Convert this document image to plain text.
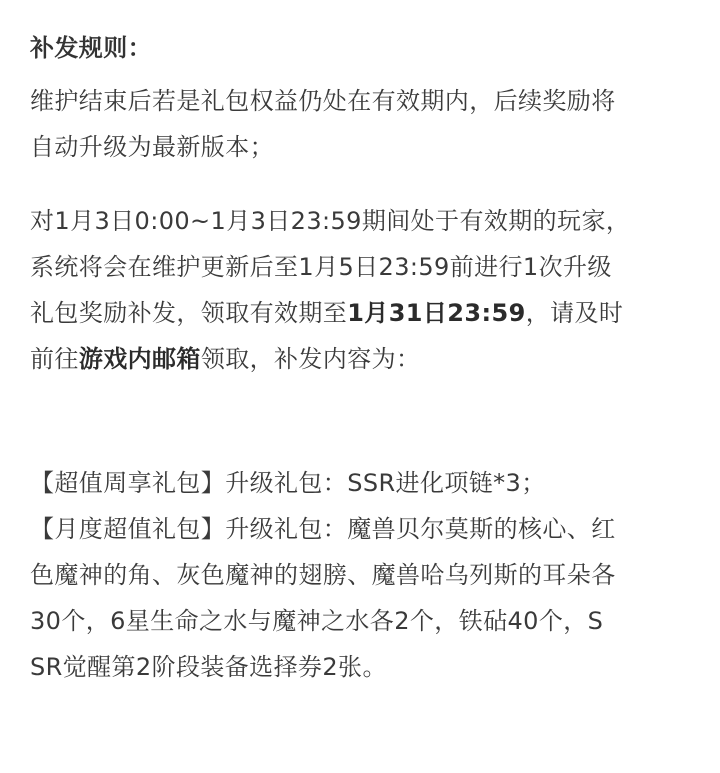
补发规则：

维护结束后若是礼包权益仍处在有效期内，后续奖励将
自动升级为最新版本；

对1月3日0:00~1月3日23:59期间处于有效期的玩家，
系统将会在维护更新后至1月5日23:59前进行1次升级
礼包奖励补发，领取有效期至1月31日23:59，请及时
前往游戏内邮箱领取，补发内容为：

【超值周享礼包】升级礼包：SSR进化项链*3；
【月度超值礼包】升级礼包：魔兽贝尔莫斯的核心、红
色魔神的角、灰色魔神的翅膀、魔兽哈乌列斯的耳朵各
30个，6星生命之水与魔神之水各2个，铁砧40个，S
SR觉醒第2阶段装备选择券2张。
